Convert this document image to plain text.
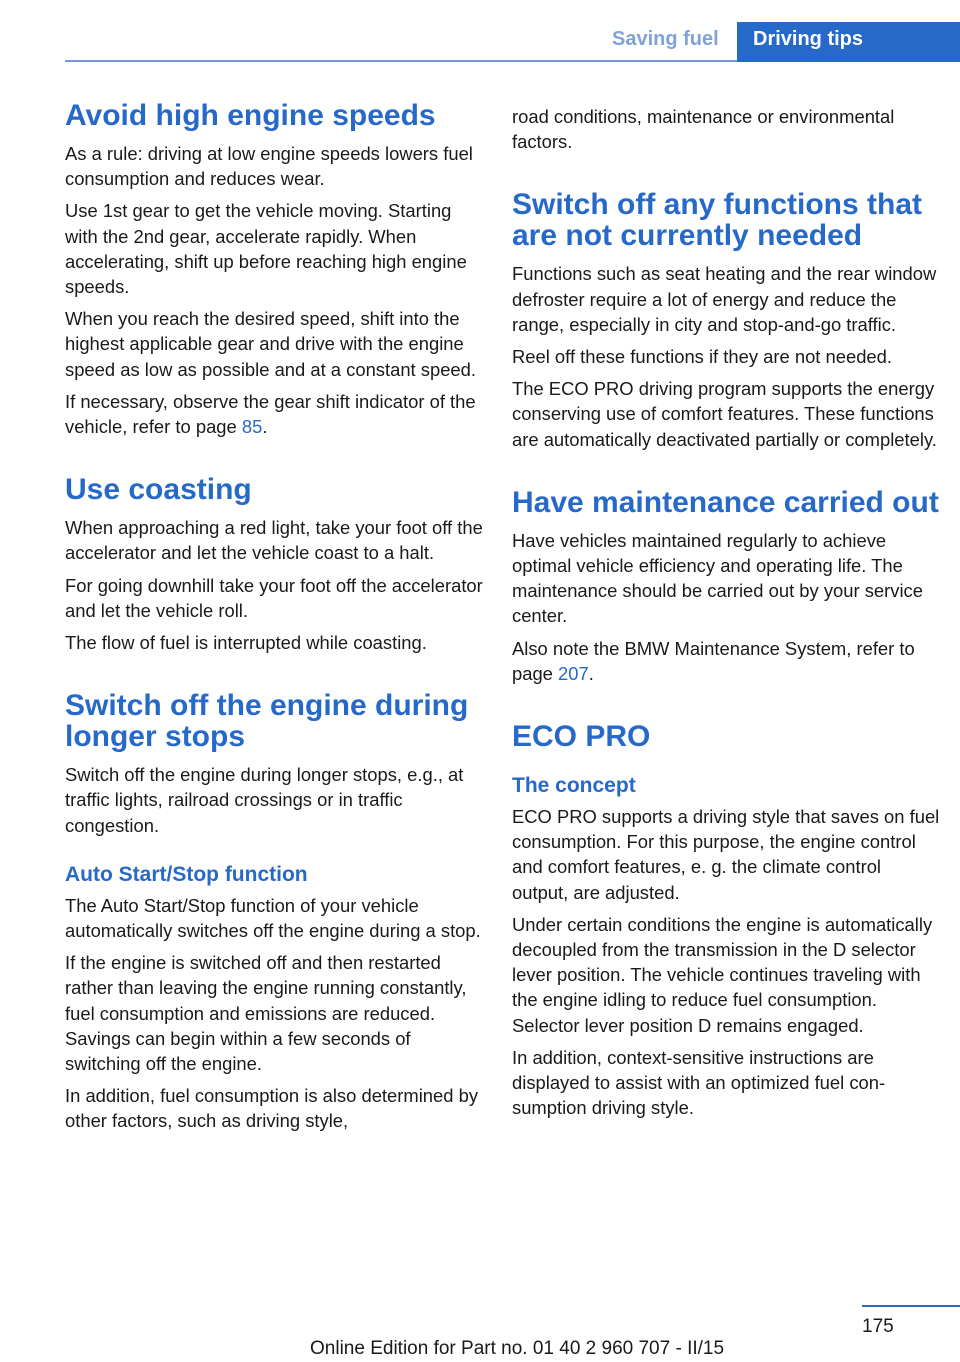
Saving fuel	Driving tips
Avoid high engine speeds

As a rule: driving at low engine speeds lowers fuel consumption and reduces wear.

Use 1st gear to get the vehicle moving. Starting with the 2nd gear, accelerate rapidly. When accelerating, shift up before reaching high engine speeds.

When you reach the desired speed, shift into the highest applicable gear and drive with the engine speed as low as possible and at a constant speed.

If necessary, observe the gear shift indicator of the vehicle, refer to page 85.

Use coasting

When approaching a red light, take your foot off the accelerator and let the vehicle coast to a halt.

For going downhill take your foot off the accelerator and let the vehicle roll.

The flow of fuel is interrupted while coasting.

Switch off the engine during longer stops

Switch off the engine during longer stops, e.g., at traffic lights, railroad crossings or in traffic congestion.

Auto Start/Stop function

The Auto Start/Stop function of your vehicle automatically switches off the engine during a stop.

If the engine is switched off and then restarted rather than leaving the engine running constantly, fuel consumption and emissions are reduced. Savings can begin within a few seconds of switching off the engine.

In addition, fuel consumption is also determined by other factors, such as driving style,

road conditions, maintenance or environmental factors.

Switch off any functions that are not currently needed

Functions such as seat heating and the rear window defroster require a lot of energy and reduce the range, especially in city and stop-and-go traffic.

Reel off these functions if they are not needed.

The ECO PRO driving program supports the energy conserving use of comfort features. These functions are automatically deactivated partially or completely.

Have maintenance carried out

Have vehicles maintained regularly to achieve optimal vehicle efficiency and operating life. The maintenance should be carried out by your service center.

Also note the BMW Maintenance System, refer to page 207.

ECO PRO
The concept

ECO PRO supports a driving style that saves on fuel consumption. For this purpose, the engine control and comfort features, e. g. the climate control output, are adjusted.

Under certain conditions the engine is automatically decoupled from the transmission in the D selector lever position. The vehicle continues traveling with the engine idling to reduce fuel consumption. Selector lever position D remains engaged.

In addition, context-sensitive instructions are displayed to assist with an optimized fuel consumption driving style.

175
Online Edition for Part no. 01 40 2 960 707 - II/15
